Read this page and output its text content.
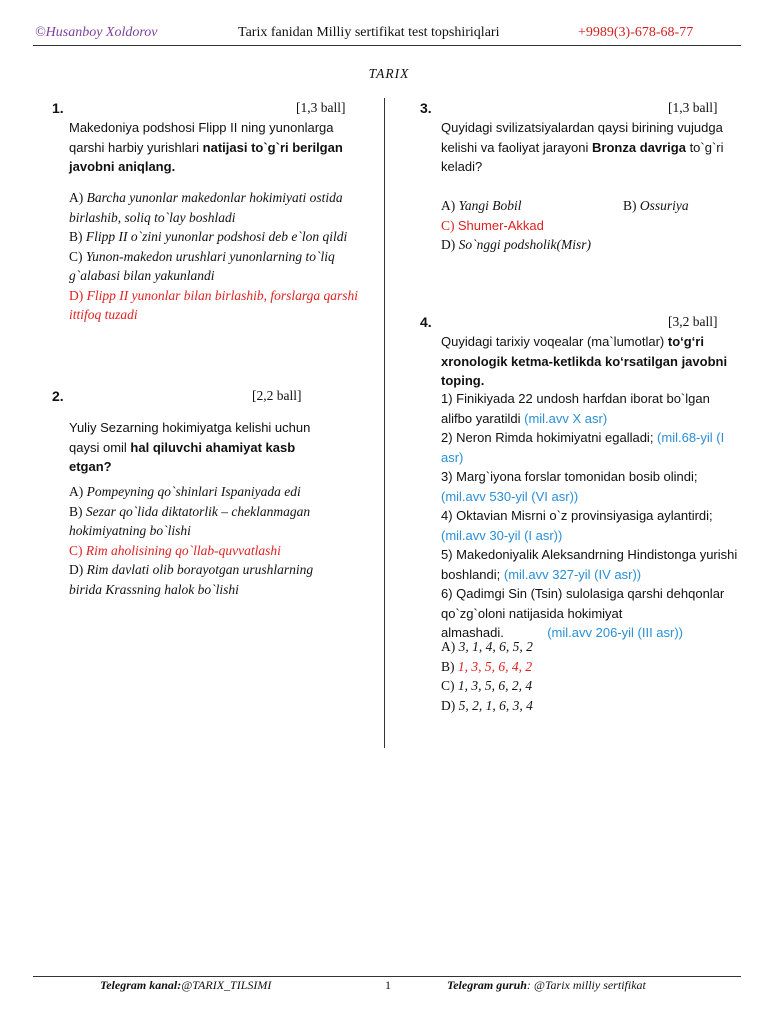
©Husanboy Xoldorov	Tarix fanidan Milliy sertifikat test topshiriqlari	+9989(3)-678-68-77
TARIX
1.	[1,3 ball]
Makedoniya podshosi Flipp II ning yunonlarga qarshi harbiy yurishlari natijasi to`g`ri berilgan javobni aniqlang.
A) Barcha yunonlar makedonlar hokimiyati ostida birlashib, soliq to`lay boshladi
B) Flipp II o`zini yunonlar podshosi deb e`lon qildi
C) Yunon-makedon urushlari yunonlarning to`liq g`alabasi bilan yakunlandi
D) Flipp II yunonlar bilan birlashib, forslarga qarshi ittifoq tuzadi
2.	[2,2 ball]
Yuliy Sezarning hokimiyatga kelishi uchun qaysi omil hal qiluvchi ahamiyat kasb etgan?
A) Pompeyning qo`shinlari Ispaniyada edi
B) Sezar qo`lida diktatorlik – cheklanmagan hokimiyatning bo`lishi
C) Rim aholisining qo`llab-quvvatlashi
D) Rim davlati olib borayotgan urushlarning birida Krassning halok bo`lishi
3.	[1,3 ball]
Quyidagi svilizatsiyalardan qaysi birining vujudga kelishi va faoliyat jarayoni Bronza davriga to`g`ri keladi?
A) Yangi Bobil	B) Ossuriya
C) Shumer-Akkad
D) So`nggi podsholik(Misr)
4.	[3,2 ball]
Quyidagi tarixiy voqealar (ma`lumotlar) to‘g‘ri xronologik ketma-ketlikda ko‘rsatilgan javobni toping.
1) Finikiyada 22 undosh harfdan iborat bo`lgan alifbo yaratildi (mil.avv X asr)
2) Neron Rimda hokimiyatni egalladi; (mil.68-yil (I asr)
3) Marg`iyona forslar tomonidan bosib olindi; (mil.avv 530-yil (VI asr))
4) Oktavian Misrni o`z provinsiyasiga aylantirdi; (mil.avv 30-yil (I asr))
5) Makedoniyalik Aleksandrning Hindistonga yurishi boshlandi; (mil.avv 327-yil (IV asr))
6) Qadimgi Sin (Tsin) sulolasiga qarshi dehqonlar qo`zg`oloni natijasida hokimiyat almashadi.	(mil.avv 206-yil (III asr))
A) 3, 1, 4, 6, 5, 2
B) 1, 3, 5, 6, 4, 2
C) 1, 3, 5, 6, 2, 4
D) 5, 2, 1, 6, 3, 4
Telegram kanal: @TARIX_TILSIMI	1	Telegram guruh : @Tarix milliy sertifikat
